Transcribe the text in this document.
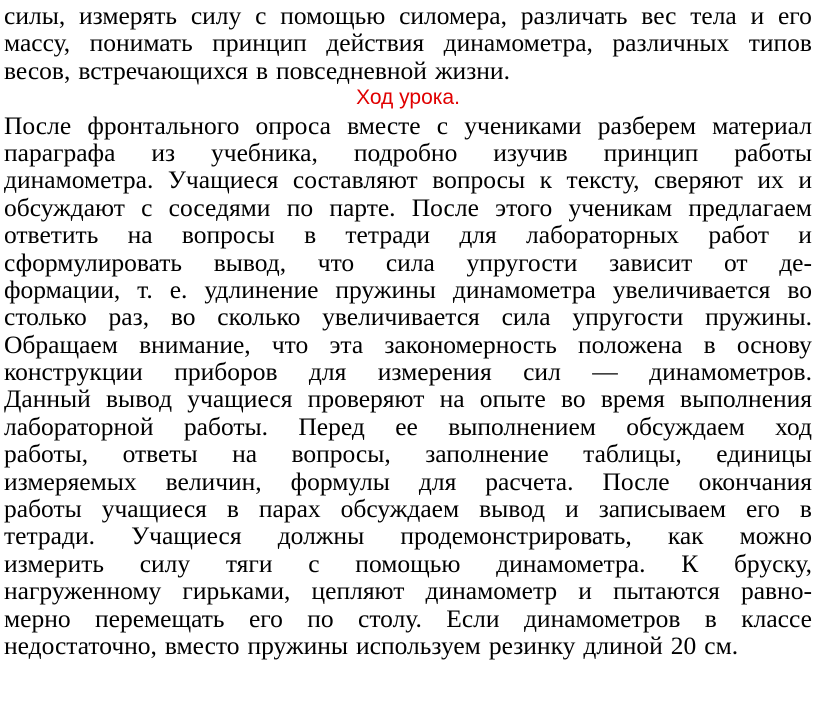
силы, измерять силу с помощью силомера, различать вес тела и его
массу, понимать принцип действия динамометра, различных типов
весов, встречающихся в повседневной жизни.
Ход урока.
После фронтального опроса вместе с учениками разберем материал
параграфа из учебника, подробно изучив принцип работы
динамометра. Учащиеся составляют вопросы к тексту, сверяют их и
обсуждают с соседями по парте. После этого ученикам предлагаем
ответить на вопросы в тетради для лабораторных работ и
сформулировать вывод, что сила упругости зависит от де-
формации, т. е. удлинение пружины динамометра увеличивается во
столько раз, во сколько увеличивается сила упругости пружины.
Обращаем внимание, что эта закономерность положена в основу
конструкции приборов для измерения сил — динамометров.
Данный вывод учащиеся проверяют на опыте во время выполнения
лабораторной работы. Перед ее выполнением обсуждаем ход
работы, ответы на вопросы, заполнение таблицы, единицы
измеряемых величин, формулы для расчета. После окончания
работы учащиеся в парах обсуждаем вывод и записываем его в
тетради. Учащиеся должны продемонстрировать, как можно
измерить силу тяги с помощью динамометра. К бруску,
нагруженному гирьками, цепляют динамометр и пытаются равно-
мерно перемещать его по столу. Если динамометров в классе
недостаточно, вместо пружины используем резинку длиной 20 см.
